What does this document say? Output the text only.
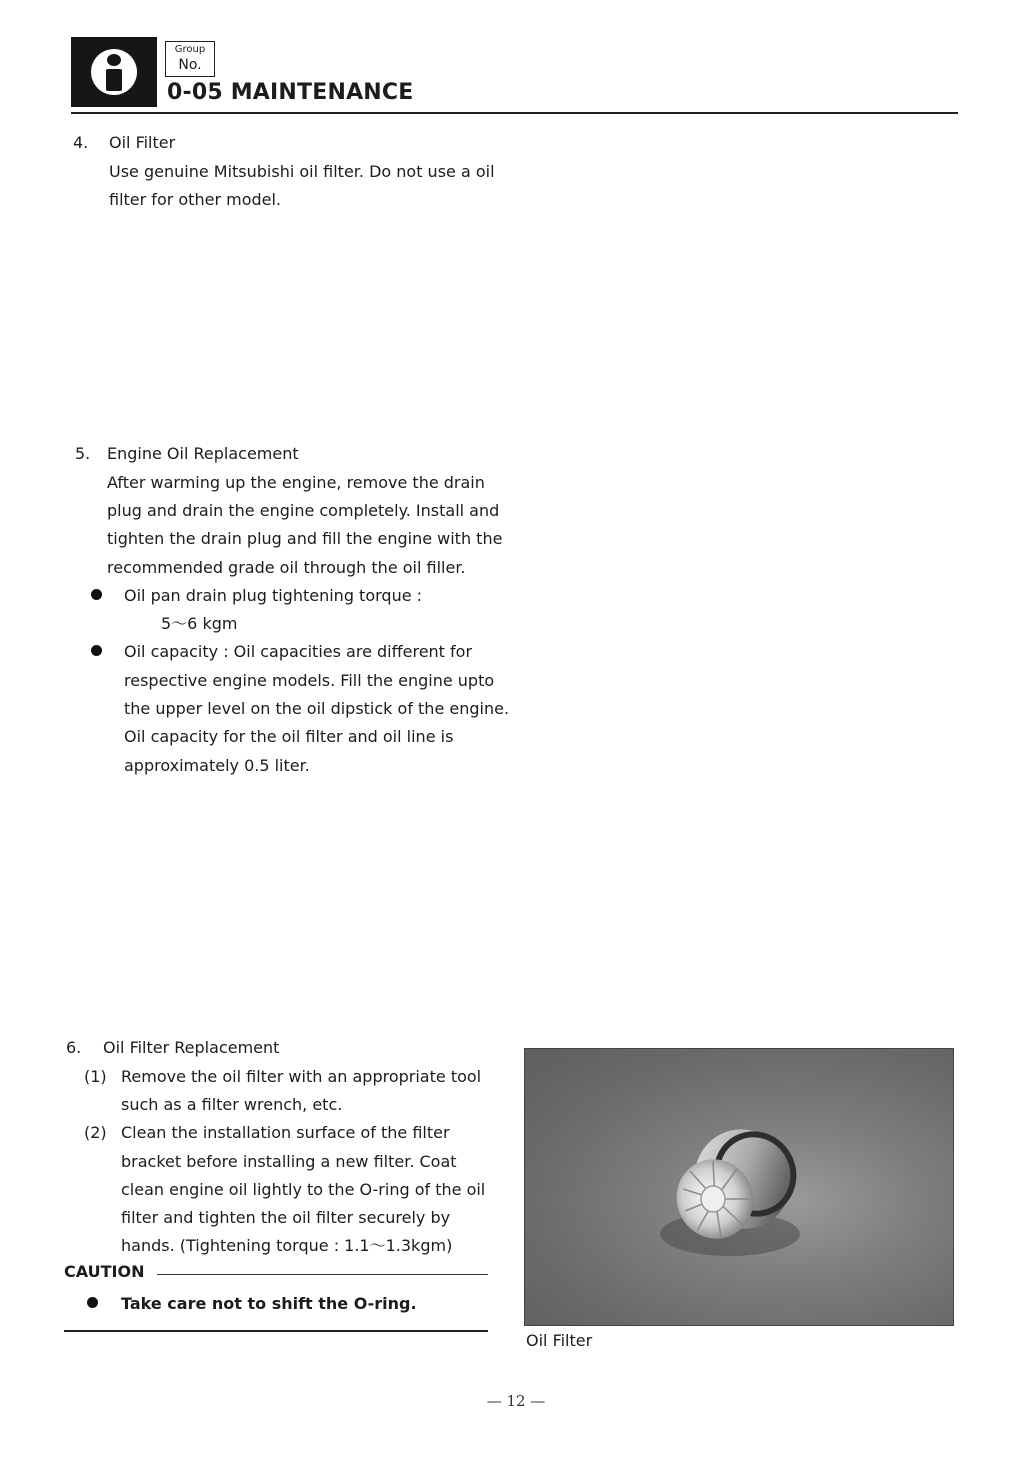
Group
No.
0-05 MAINTENANCE
4. Oil Filter
Use genuine Mitsubishi oil filter. Do not use a oil
filter for other model.
5. Engine Oil Replacement
After warming up the engine, remove the drain
plug and drain the engine completely. Install and
tighten the drain plug and fill the engine with the
recommended grade oil through the oil filler.
Oil pan drain plug tightening torque :
5～6 kgm
Oil capacity : Oil capacities are different for
respective engine models. Fill the engine upto
the upper level on the oil dipstick of the engine.
Oil capacity for the oil filter and oil line is
approximately 0.5 liter.
6. Oil Filter Replacement
(1) Remove the oil filter with an appropriate tool
such as a filter wrench, etc.
(2) Clean the installation surface of the filter
bracket before installing a new filter. Coat
clean engine oil lightly to the O-ring of the oil
filter and tighten the oil filter securely by
hands. (Tightening torque : 1.1～1.3kgm)
CAUTION
Take care not to shift the O-ring.
Oil Filter
— 12 —
